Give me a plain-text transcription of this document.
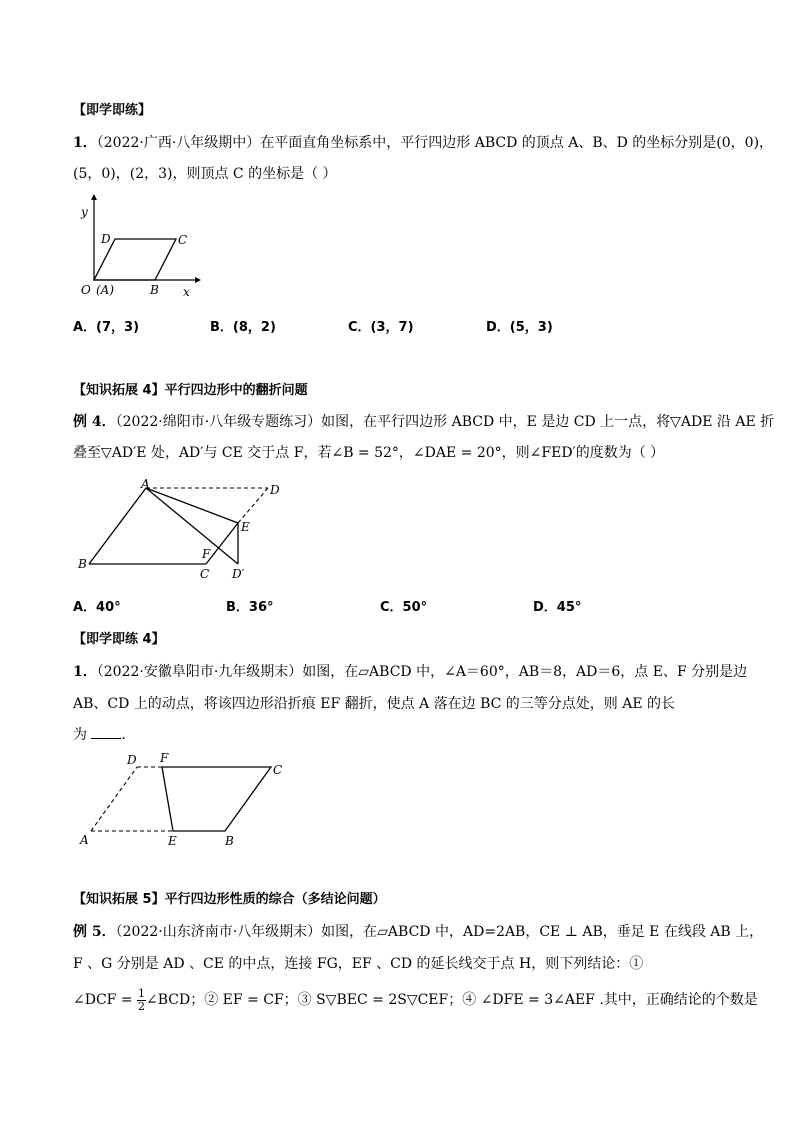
【即学即练】
1．（2022·广西·八年级期中）在平面直角坐标系中，平行四边形 ABCD 的顶点 A、B、D 的坐标分别是(0，0)，
(5，0)，(2，3)，则顶点 C 的坐标是（ ）
y
x
D	C
O (A)	B
A．(7，3)	B．(8，2)	C．(3，7)	D．(5，3)
【知识拓展 4】平行四边形中的翻折问题
例 4．（2022·绵阳市·八年级专题练习）如图，在平行四边形 ABCD 中，E 是边 CD 上一点，将▽ADE 沿 AE 折
叠至▽AD′E 处，AD′与 CE 交于点 F，若∠B = 52°，∠DAE = 20°，则∠FED′的度数为（ ）
A	D
E
F
B
C D′
A．40°	B．36°	C．50°	D．45°
【即学即练 4】
1．（2022·安徽阜阳市·九年级期末）如图，在▱ABCD 中，∠A＝60°，AB＝8，AD＝6，点 E、F 分别是边
AB、CD 上的动点，将该四边形沿折痕 EF 翻折，使点 A 落在边 BC 的三等分点处，则 AE 的长
为 ．
D F
C
A	E	B
【知识拓展 5】平行四边形性质的综合（多结论问题）
例 5．（2022·山东济南市·八年级期末）如图，在▱ABCD 中，AD=2AB，CE ⊥ AB，垂足 E 在线段 AB 上，
F 、G 分别是 AD 、CE 的中点，连接 FG，EF 、CD 的延长线交于点 H，则下列结论：①
∠DCF = $\frac{1}{2}$ ∠BCD；② EF = CF；③ S▽BEC = 2S▽CEF；④ ∠DFE = 3∠AEF .其中，正确结论的个数是
